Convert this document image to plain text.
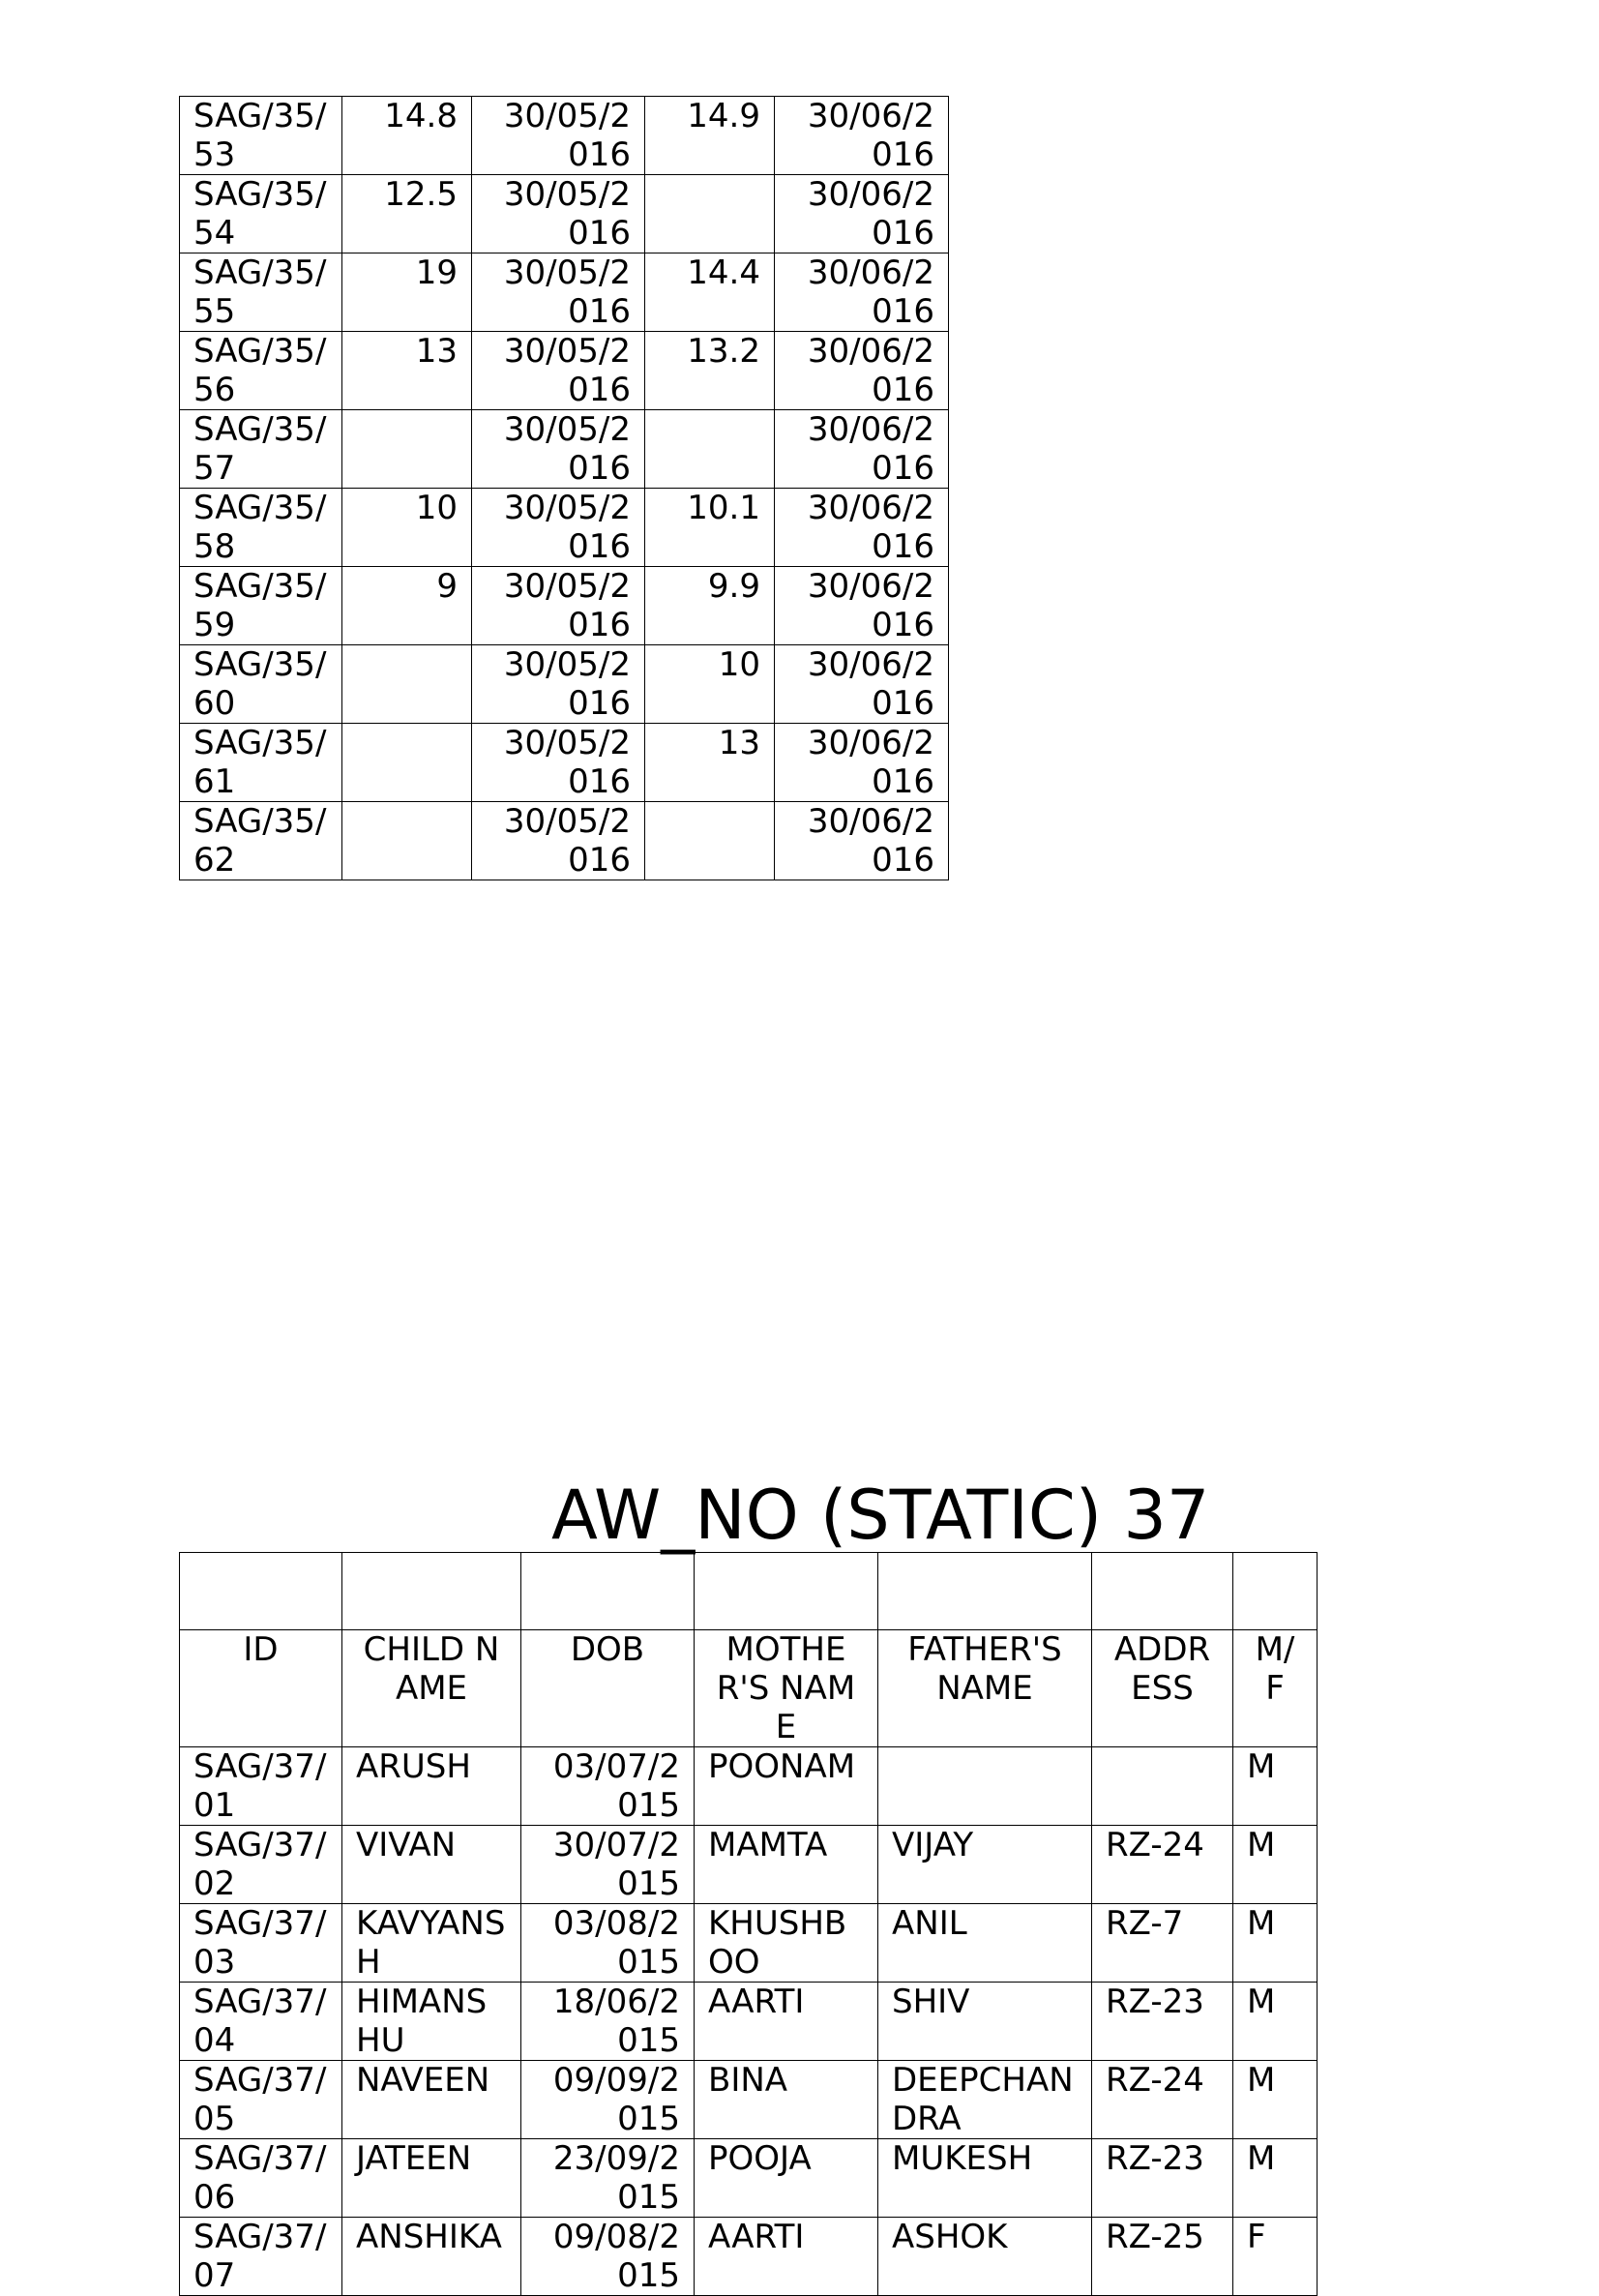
SAG/35/53	14.8	30/05/2016	14.9	30/06/2016
SAG/35/54	12.5	30/05/2016		30/06/2016
SAG/35/55	19	30/05/2016	14.4	30/06/2016
SAG/35/56	13	30/05/2016	13.2	30/06/2016
SAG/35/57		30/05/2016		30/06/2016
SAG/35/58	10	30/05/2016	10.1	30/06/2016
SAG/35/59	9	30/05/2016	9.9	30/06/2016
SAG/35/60		30/05/2016	10	30/06/2016
SAG/35/61		30/05/2016	13	30/06/2016
SAG/35/62		30/05/2016		30/06/2016
AW_NO (STATIC) 37

ID	CHILD NAME	DOB	MOTHER'S NAME	FATHER'S NAME	ADDRESS	M/F
SAG/37/01	ARUSH	03/07/2015	POONAM			M
SAG/37/02	VIVAN	30/07/2015	MAMTA	VIJAY	RZ-24	M
SAG/37/03	KAVYANSH	03/08/2015	KHUSHBOO	ANIL	RZ-7	M
SAG/37/04	HIMANSHU	18/06/2015	AARTI	SHIV	RZ-23	M
SAG/37/05	NAVEEN	09/09/2015	BINA	DEEPCHANDRA	RZ-24	M
SAG/37/06	JATEEN	23/09/2015	POOJA	MUKESH	RZ-23	M
SAG/37/07	ANSHIKA	09/08/2015	AARTI	ASHOK	RZ-25	F
